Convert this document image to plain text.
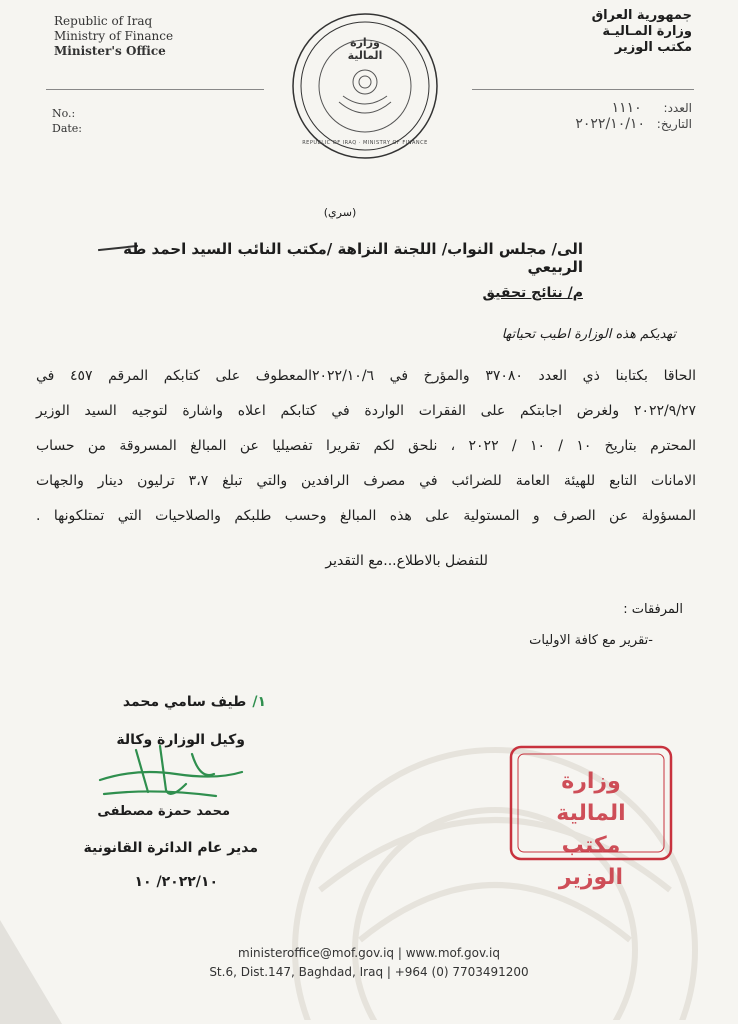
Republic of Iraq
Ministry of Finance
Minister's Office
No.:
Date:
جمهورية العراق
وزارة المـاليـة
مكتب الوزير
العدد: ١١١٠
التاريخ: ٢٠٢٢/١٠/١٠
وزارة المالية
REPUBLIC OF IRAQ · MINISTRY OF FINANCE
(سري)
الى/ مجلس النواب/ اللجنة النزاهة /مكتب النائب السيد احمد طه الربيعي
م/ نتائج تحقيق
تهديكم هذه الوزارة اطيب تحياتها
الحاقا بكتابنا ذي العدد ٣٧٠٨٠ والمؤرخ في ٢٠٢٢/١٠/٦المعطوف على كتابكم المرقم ٤٥٧ في
٢٠٢٢/٩/٢٧ ولغرض اجابتكم على الفقرات الواردة في كتابكم اعلاه واشارة لتوجيه السيد الوزير
المحترم بتاريخ ١٠ / ١٠ / ٢٠٢٢ ، نلحق لكم تقريرا تفصيليا عن المبالغ المسروقة من حساب
الامانات التابع للهيئة العامة للضرائب في مصرف الرافدين والتي تبلغ ٣،٧ ترليون دينار والجهات
المسؤولة عن الصرف و المستولية على هذه المبالغ وحسب طلبكم والصلاحيات التي تمتلكونها .
للتفضل بالاطلاع...مع التقدير
المرفقات :
-تقرير مع كافة الاوليات
١/طيف سامي محمد
وكيل الوزارة وكالة
محمد حمزة مصطفى
مدير عام الدائرة القانونية
٢٠٢٢/١٠/ ١٠
وزارة المالية مكتب الوزير
ministeroffice@mof.gov.iq | www.mof.gov.iq
St.6, Dist.147, Baghdad, Iraq | +964 (0) 7703491200
